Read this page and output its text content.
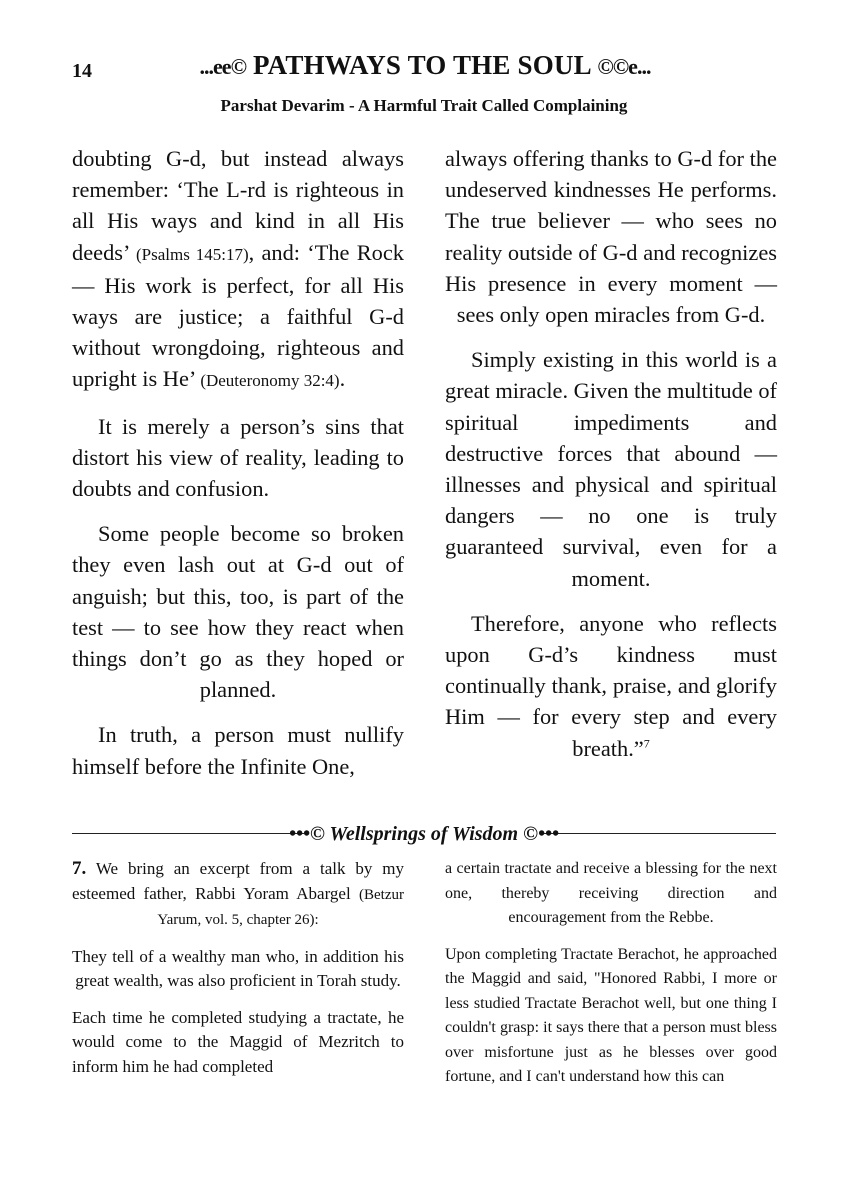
14	...ee© PATHWAYS TO THE SOUL ©©e...
Parshat Devarim - A Harmful Trait Called Complaining

doubting G-d, but instead always remember: ‘The L-rd is righteous in all His ways and kind in all His deeds’ (Psalms 145:17), and: ‘The Rock — His work is perfect, for all His ways are justice; a faithful G-d without wrongdoing, righteous and upright is He’ (Deuteronomy 32:4).

It is merely a person’s sins that distort his view of reality, leading to doubts and confusion.

Some people become so broken they even lash out at G-d out of anguish; but this, too, is part of the test — to see how they react when things don’t go as they hoped or planned.

In truth, a person must nullify himself before the Infinite One,

always offering thanks to G-d for the undeserved kindnesses He performs. The true believer — who sees no reality outside of G-d and recognizes His presence in every moment — sees only open miracles from G-d.

Simply existing in this world is a great miracle. Given the multitude of spiritual impediments and destructive forces that abound — illnesses and physical and spiritual dangers — no one is truly guaranteed survival, even for a moment.

Therefore, anyone who reflects upon G-d’s kindness must continually thank, praise, and glorify Him — for every step and every breath.”$^7$

•••© Wellsprings of Wisdom ©•••

7. We bring an excerpt from a talk by my esteemed father, Rabbi Yoram Abargel (Betzur Yarum, vol. 5, chapter 26):

They tell of a wealthy man who, in addition his great wealth, was also proficient in Torah study.

Each time he completed studying a tractate, he would come to the Maggid of Mezritch to inform him he had completed

a certain tractate and receive a blessing for the next one, thereby receiving direction and encouragement from the Rebbe.

Upon completing Tractate Berachot, he approached the Maggid and said, "Honored Rabbi, I more or less studied Tractate Berachot well, but one thing I couldn't grasp: it says there that a person must bless over misfortune just as he blesses over good fortune, and I can't understand how this can
